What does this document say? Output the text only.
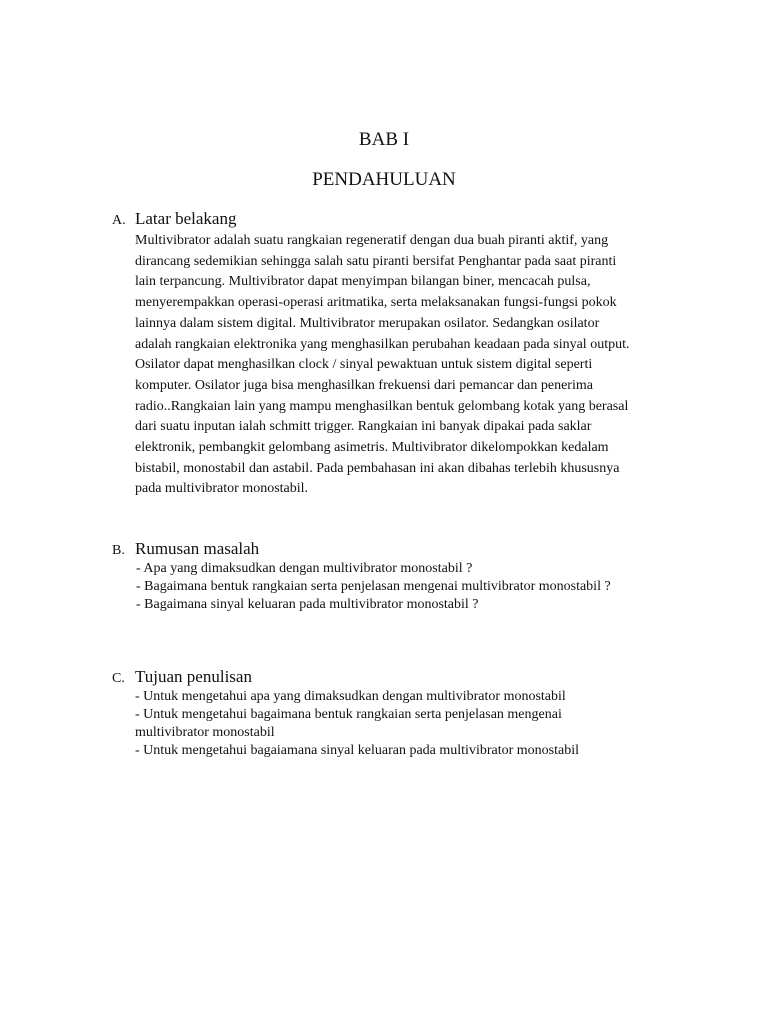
BAB I
PENDAHULUAN
A. Latar belakang
Multivibrator adalah suatu rangkaian regeneratif dengan dua buah piranti aktif, yang
dirancang sedemikian sehingga salah satu piranti bersifat Penghantar pada saat piranti
lain terpancung. Multivibrator dapat menyimpan bilangan biner, mencacah pulsa,
menyerempakkan operasi-operasi aritmatika, serta melaksanakan fungsi-fungsi pokok
lainnya dalam sistem digital. Multivibrator merupakan osilator. Sedangkan osilator
adalah rangkaian elektronika yang menghasilkan perubahan keadaan pada sinyal output.
Osilator dapat menghasilkan clock / sinyal pewaktuan untuk sistem digital seperti
komputer. Osilator juga bisa menghasilkan frekuensi dari pemancar dan penerima
radio..Rangkaian lain yang mampu menghasilkan bentuk gelombang kotak yang berasal
dari suatu inputan ialah schmitt trigger. Rangkaian ini banyak dipakai pada saklar
elektronik, pembangkit gelombang asimetris. Multivibrator dikelompokkan kedalam
bistabil, monostabil dan astabil. Pada pembahasan ini akan dibahas terlebih khususnya
pada multivibrator monostabil.
B. Rumusan masalah
- Apa yang dimaksudkan dengan multivibrator monostabil ?
- Bagaimana bentuk rangkaian serta penjelasan mengenai multivibrator monostabil ?
- Bagaimana sinyal keluaran pada multivibrator monostabil ?
C. Tujuan penulisan
- Untuk mengetahui apa yang dimaksudkan dengan multivibrator monostabil
- Untuk mengetahui bagaimana bentuk rangkaian serta penjelasan mengenai
multivibrator monostabil
- Untuk mengetahui bagaiamana sinyal keluaran pada multivibrator monostabil
